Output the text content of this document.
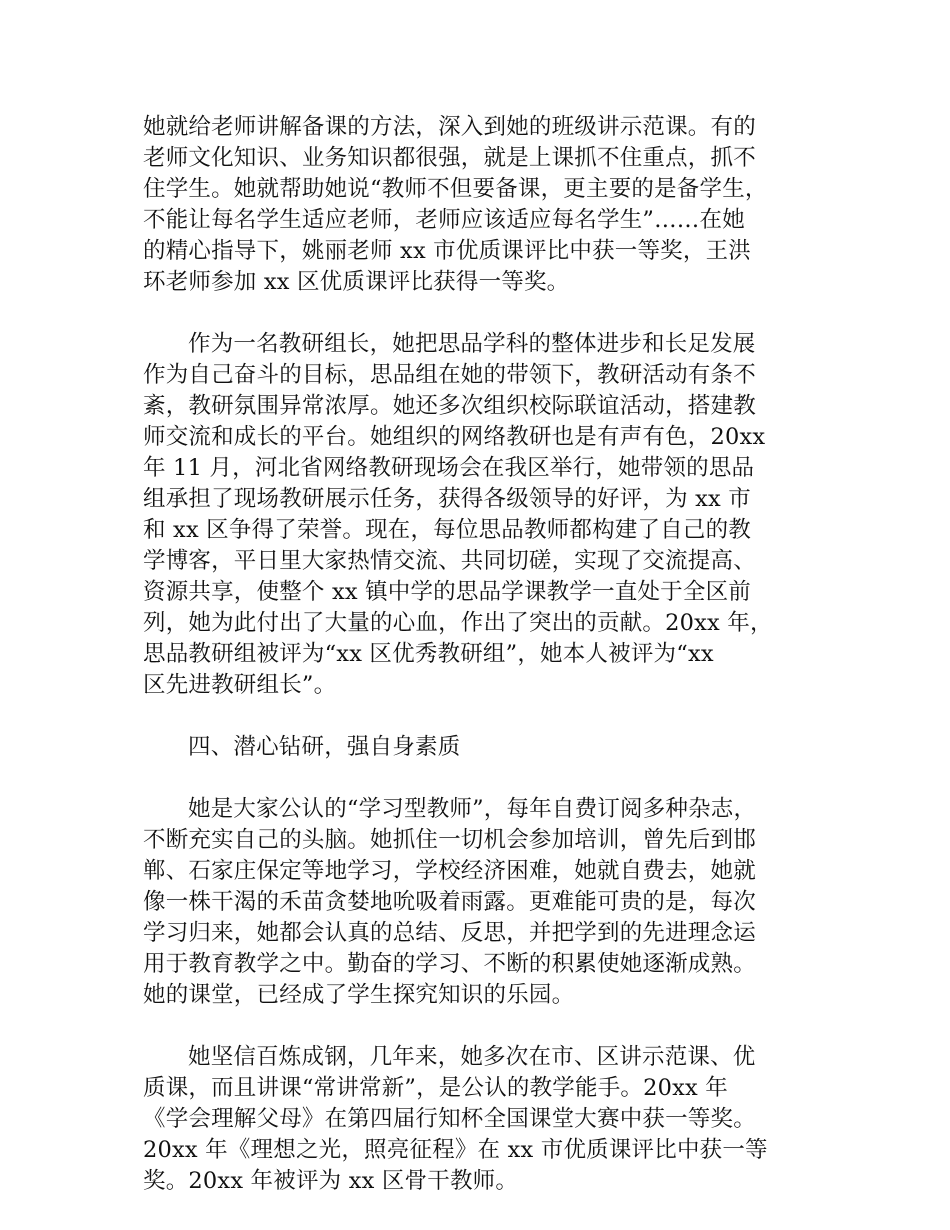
她就给老师讲解备课的方法，深入到她的班级讲示范课。有的
老师文化知识、业务知识都很强，就是上课抓不住重点，抓不
住学生。她就帮助她说“教师不但要备课，更主要的是备学生，
不能让每名学生适应老师，老师应该适应每名学生”……在她
的精心指导下，姚丽老师 xx 市优质课评比中获一等奖，王洪
环老师参加 xx 区优质课评比获得一等奖。
作为一名教研组长，她把思品学科的整体进步和长足发展
作为自己奋斗的目标，思品组在她的带领下，教研活动有条不
紊，教研氛围异常浓厚。她还多次组织校际联谊活动，搭建教
师交流和成长的平台。她组织的网络教研也是有声有色，20xx
年 11 月，河北省网络教研现场会在我区举行，她带领的思品
组承担了现场教研展示任务，获得各级领导的好评，为 xx 市
和 xx 区争得了荣誉。现在，每位思品教师都构建了自己的教
学博客，平日里大家热情交流、共同切磋，实现了交流提高、
资源共享，使整个 xx 镇中学的思品学课教学一直处于全区前
列，她为此付出了大量的心血，作出了突出的贡献。20xx 年，
思品教研组被评为“xx 区优秀教研组”，她本人被评为“xx
区先进教研组长”。
四、潜心钻研，强自身素质
她是大家公认的“学习型教师”，每年自费订阅多种杂志，
不断充实自己的头脑。她抓住一切机会参加培训，曾先后到邯
郸、石家庄保定等地学习，学校经济困难，她就自费去，她就
像一株干渴的禾苗贪婪地吮吸着雨露。更难能可贵的是，每次
学习归来，她都会认真的总结、反思，并把学到的先进理念运
用于教育教学之中。勤奋的学习、不断的积累使她逐渐成熟。
她的课堂，已经成了学生探究知识的乐园。
她坚信百炼成钢，几年来，她多次在市、区讲示范课、优
质课，而且讲课“常讲常新”，是公认的教学能手。20xx 年
《学会理解父母》在第四届行知杯全国课堂大赛中获一等奖。
20xx 年《理想之光，照亮征程》在 xx 市优质课评比中获一等
奖。20xx 年被评为 xx 区骨干教师。
